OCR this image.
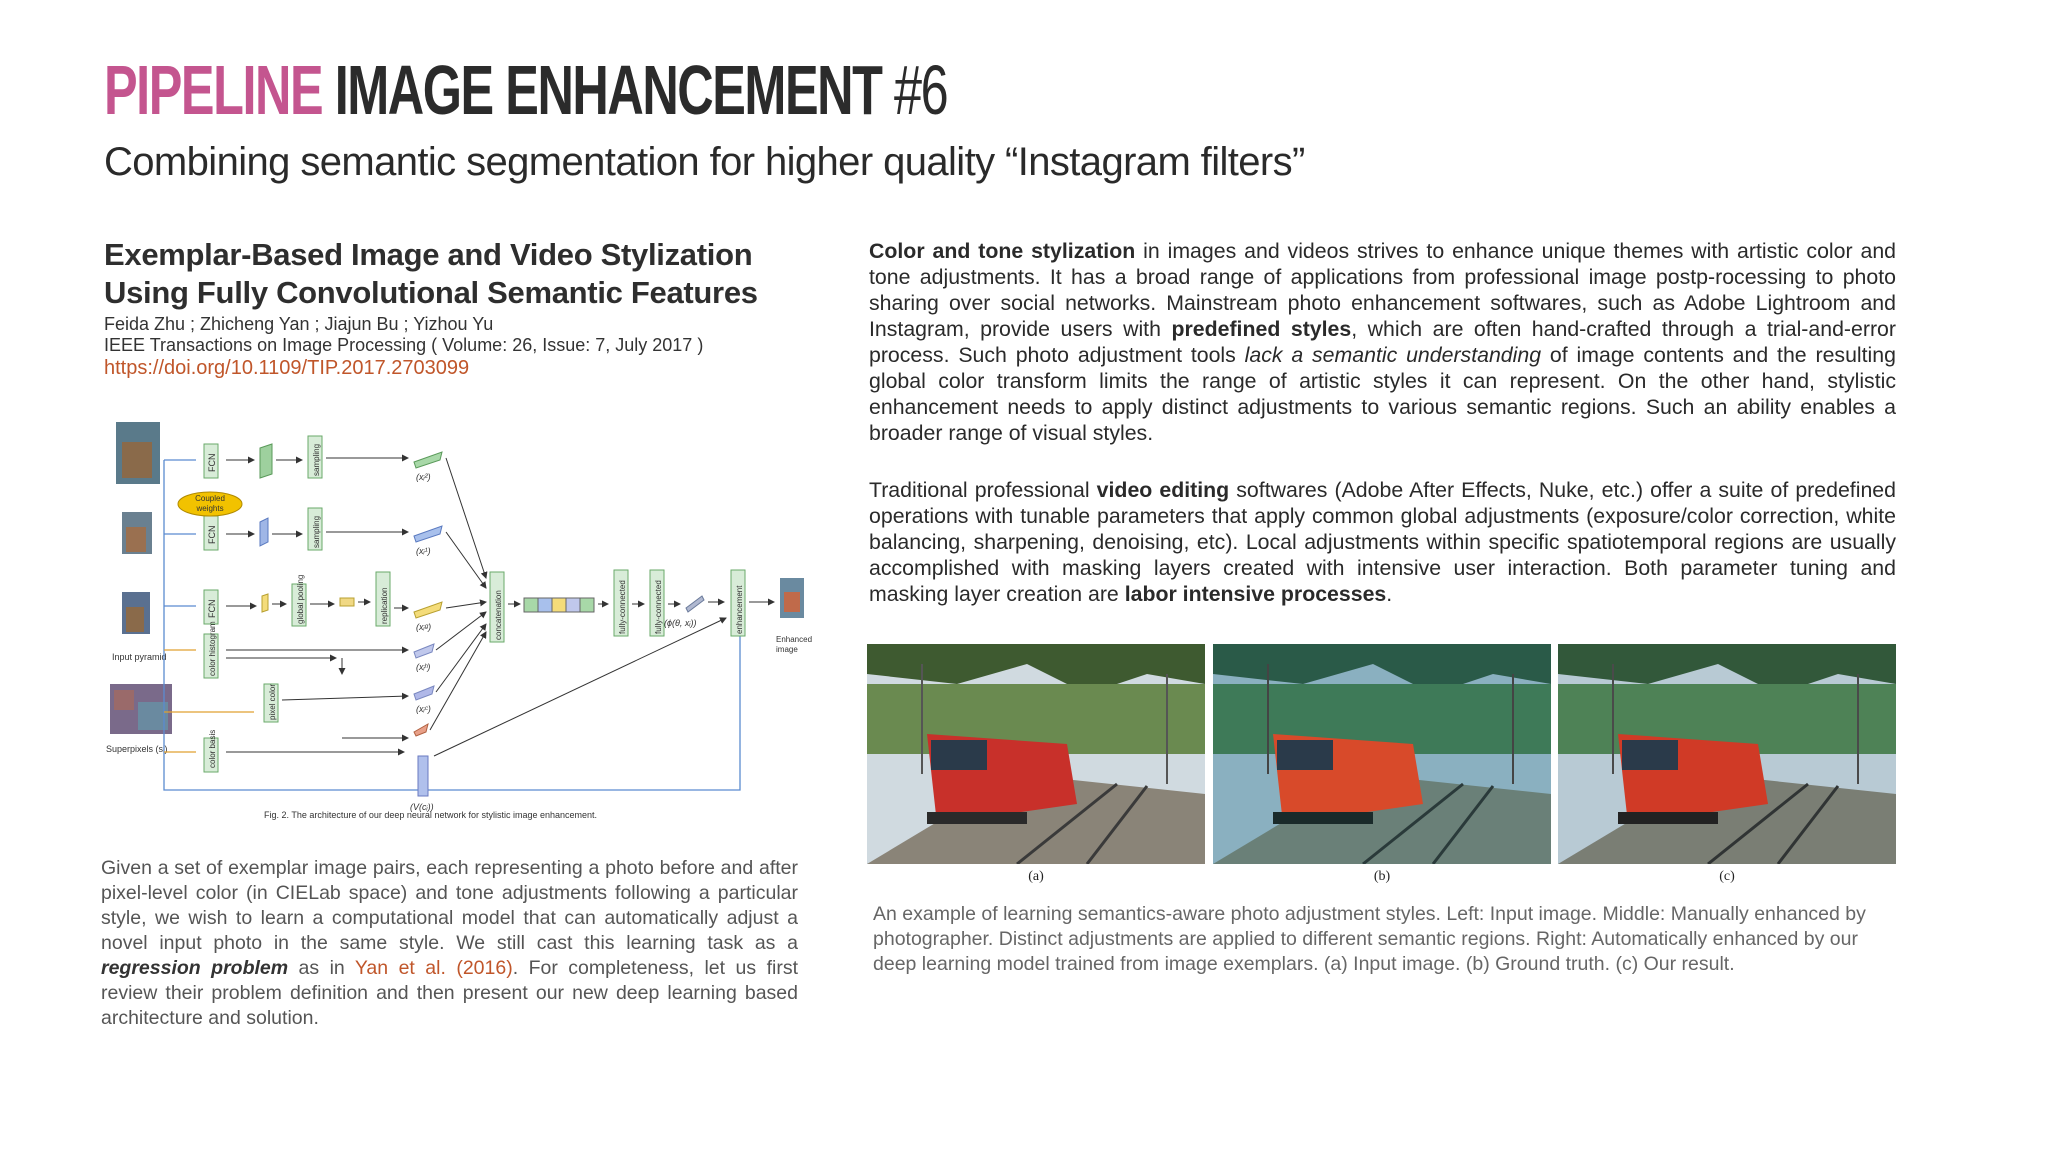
PIPELINE IMAGE ENHANCEMENT #6

Combining semantic segmentation for higher quality “Instagram filters”

Exemplar-Based Image and Video Stylization Using Fully Convolutional Semantic Features
Feida Zhu ; Zhicheng Yan ; Jiajun Bu ; Yizhou Yu
IEEE Transactions on Image Processing ( Volume: 26, Issue: 7, July 2017 )
https://doi.org/10.1109/TIP.2017.2703099
Input pyramid
Superpixels (sᵢ)
FCN
FCN
FCN
color histogram
pixel color
color basis
sampling
sampling
global pooling	replication	concatenation	fully-connected	fully-connected	enhancement
Coupled
weights
(xᵢ²)
(xᵢ¹)
(xᵢᵍ)
(xᵢʰ)
(xᵢᶜ)
(V(cᵢ))
(ϕ(θ, xᵢ))
Enhanced
image
Fig. 2. The architecture of our deep neural network for stylistic image enhancement.

Given a set of exemplar image pairs, each representing a photo before and after pixel-level color (in CIELab space) and tone adjustments following a particular style, we wish to learn a computational model that can automatically adjust a novel input photo in the same style. We still cast this learning task as a regression problem as in Yan et al. (2016). For completeness, let us first review their problem definition and then present our new deep learning based architecture and solution.

Color and tone stylization in images and videos strives to enhance unique themes with artistic color and tone adjustments. It has a broad range of applications from professional image postp-rocessing to photo sharing over social networks. Mainstream photo enhancement softwares, such as Adobe Lightroom and Instagram, provide users with predefined styles, which are often hand-crafted through a trial-and-error process. Such photo adjustment tools lack a semantic understanding of image contents and the resulting global color transform limits the range of artistic styles it can represent. On the other hand, stylistic enhancement needs to apply distinct adjustments to various semantic regions. Such an ability enables a broader range of visual styles.

Traditional professional video editing softwares (Adobe After Effects, Nuke, etc.) offer a suite of predefined operations with tunable parameters that apply common global adjustments (exposure/color correction, white balancing, sharpening, denoising, etc). Local adjustments within specific spatiotemporal regions are usually accomplished with masking layers created with intensive user interaction. Both parameter tuning and masking layer creation are labor intensive processes.

(a)	(b)	(c)

An example of learning semantics-aware photo adjustment styles. Left: Input image. Middle: Manually enhanced by photographer. Distinct adjustments are applied to different semantic regions. Right: Automatically enhanced by our deep learning model trained from image exemplars. (a) Input image. (b) Ground truth. (c) Our result.
